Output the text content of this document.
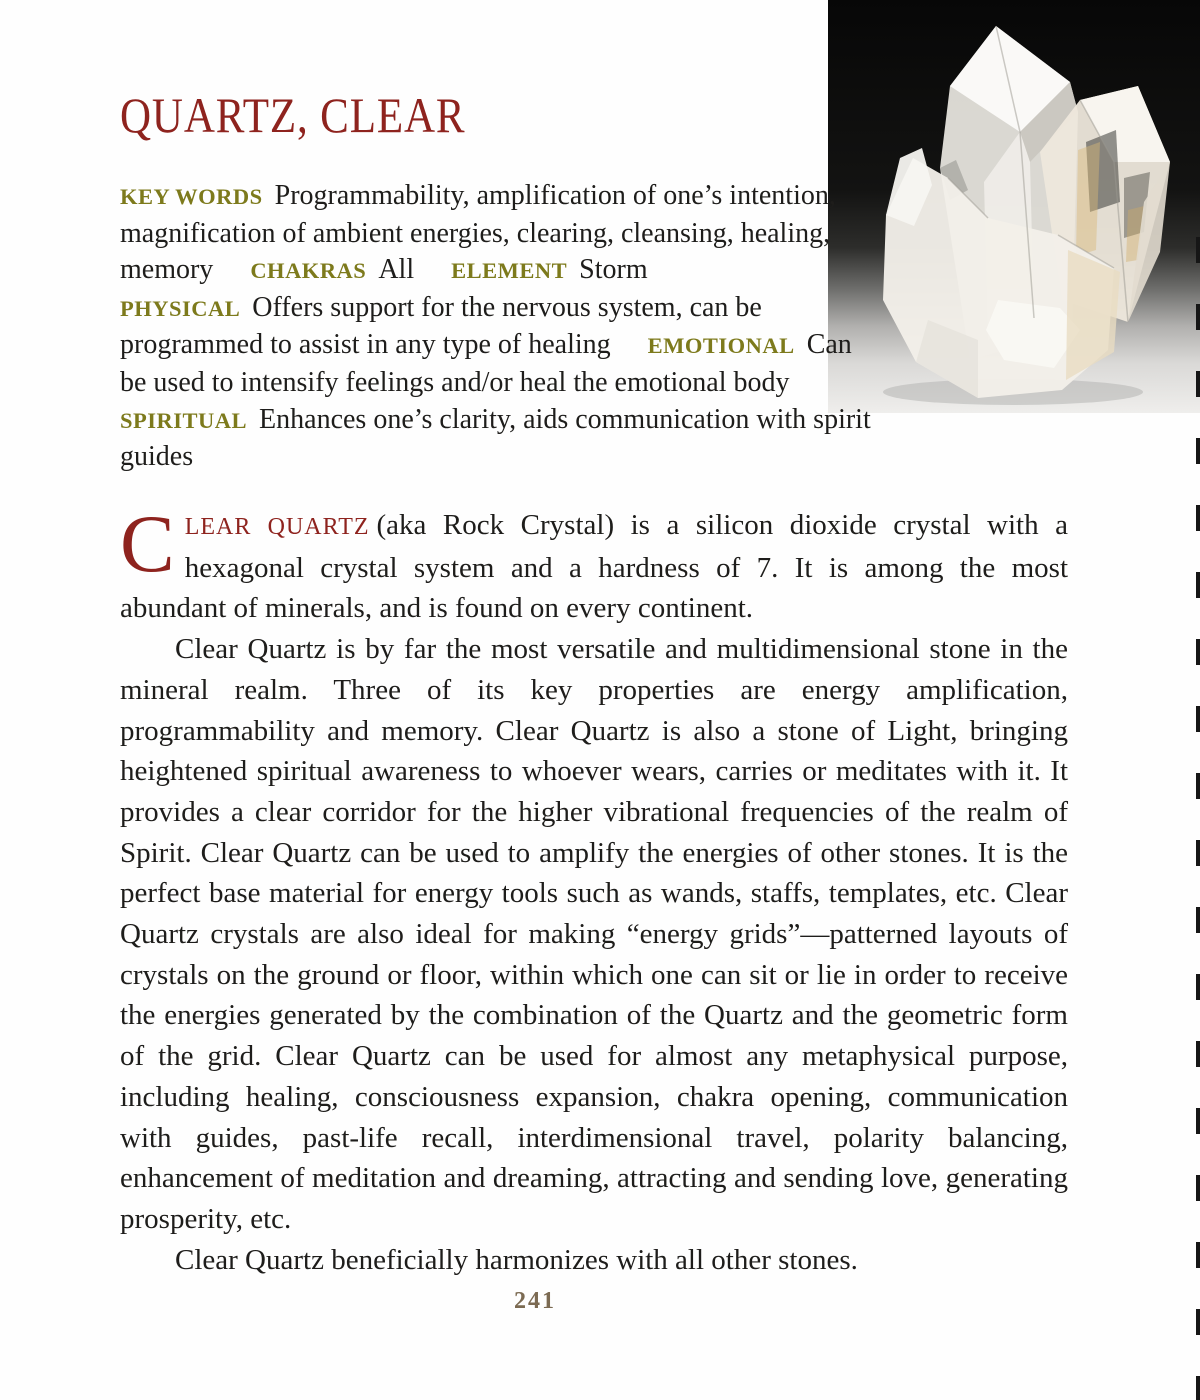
QUARTZ, CLEAR
KEY WORDS Programmability, amplification of one’s intention, magnification of ambient energies, clearing, cleansing, healing, memory CHAKRAS All ELEMENT Storm PHYSICAL Offers support for the nervous system, can be programmed to assist in any type of healing EMOTIONAL Can be used to intensify feelings and/or heal the emotional body SPIRITUAL Enhances one’s clarity, aids communication with spirit guides

CLEAR QUARTZ (aka Rock Crystal) is a silicon dioxide crystal with a hexagonal crystal system and a hardness of 7. It is among the most abundant of minerals, and is found on every continent.

Clear Quartz is by far the most versatile and multidimensional stone in the mineral realm. Three of its key properties are energy amplification, programmability and memory. Clear Quartz is also a stone of Light, bringing heightened spiritual awareness to whoever wears, carries or meditates with it. It provides a clear corridor for the higher vibrational frequencies of the realm of Spirit. Clear Quartz can be used to amplify the energies of other stones. It is the perfect base material for energy tools such as wands, staffs, templates, etc. Clear Quartz crystals are also ideal for making “energy grids”—patterned layouts of crystals on the ground or floor, within which one can sit or lie in order to receive the energies generated by the combination of the Quartz and the geometric form of the grid. Clear Quartz can be used for almost any metaphysical purpose, including healing, consciousness expansion, chakra opening, communication with guides, past-life recall, interdimensional travel, polarity balancing, enhancement of meditation and dreaming, attracting and sending love, generating prosperity, etc.

Clear Quartz beneficially harmonizes with all other stones.

241
